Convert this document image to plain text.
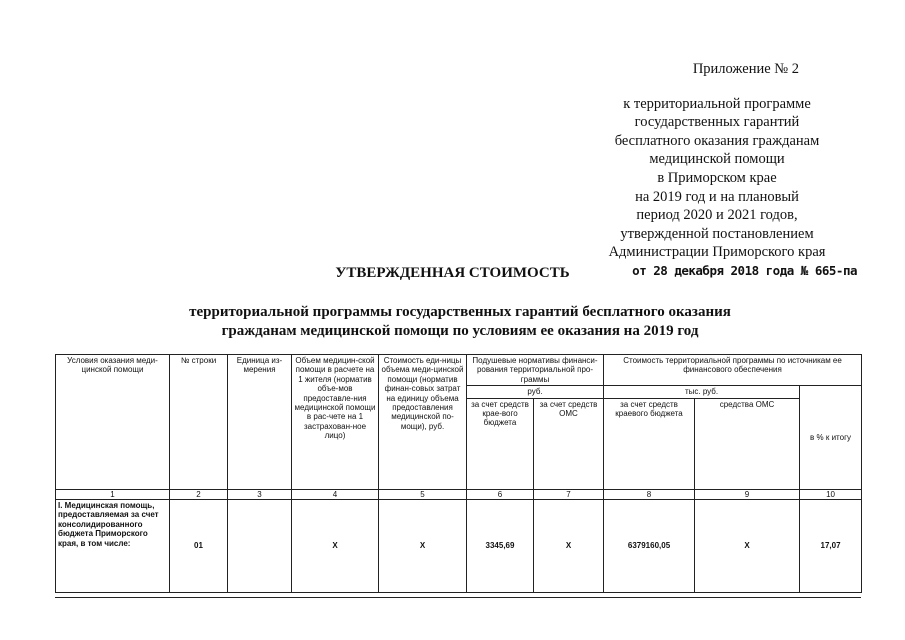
Приложение № 2
к территориальной программе
государственных гарантий
бесплатного оказания гражданам
медицинской помощи
в Приморском крае
на 2019 год и на плановый
период 2020 и 2021 годов,
утвержденной постановлением
Администрации Приморского края
от 28 декабря 2018 года № 665-па
УТВЕРЖДЕННАЯ СТОИМОСТЬ
территориальной программы государственных гарантий бесплатного оказания
гражданам медицинской помощи по условиям ее оказания на 2019 год
Условия оказания меди-цинской помощи	№ строки	Единица из-мерения	Объем медицин-ской помощи в расчете на 1 жителя (норматив объе-мов предоставле-ния медицинской помощи в рас-чете на 1 застрахован-ное лицо)	Стоимость еди-ницы объема меди-цинской помощи (норматив финан-совых затрат на единицу объема предоставления медицинской по-мощи), руб.	Подушевые нормативы финанси-рования территориальной про-граммы		Стоимость территориальной программы по источникам ее финансового обеспечения		
					руб.		тыс. руб.		в % к итогу
					за счет средств крае-вого бюджета	за счет средств ОМС	за счет средств краевого бюджета	средства ОМС	
1	2	3	4	5	6	7	8	9	10
I. Медицинская помощь, предоставляемая за счет консолидированного бюджета Приморского края, в том числе:	01		X	X	3345,69	X	6379160,05	X	17,07
